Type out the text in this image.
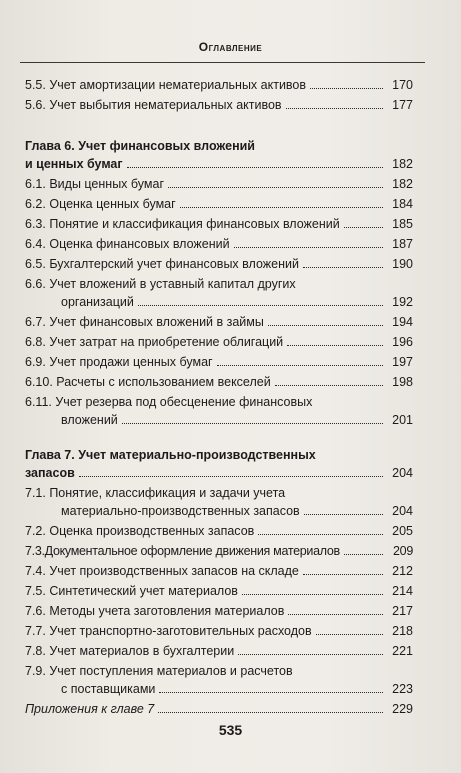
Оглавление
5.5. Учет амортизации нематериальных активов	170
5.6. Учет выбытия нематериальных активов	177
Глава 6. Учет финансовых вложений
и ценных бумаг	182
6.1. Виды ценных бумаг	182
6.2. Оценка ценных бумаг	184
6.3. Понятие и классификация финансовых вложений	185
6.4. Оценка финансовых вложений	187
6.5. Бухгалтерский учет финансовых вложений	190
6.6. Учет вложений в уставный капитал других
организаций	192
6.7. Учет финансовых вложений в займы	194
6.8. Учет затрат на приобретение облигаций	196
6.9. Учет продажи ценных бумаг	197
6.10. Расчеты с использованием векселей	198
6.11. Учет резерва под обесценение финансовых
вложений	201
Глава 7. Учет материально-производственных
запасов	204
7.1. Понятие, классификация и задачи учета
материально-производственных запасов	204
7.2. Оценка производственных запасов	205
7.3.Документальное оформление движения материалов	209
7.4. Учет производственных запасов на складе	212
7.5. Синтетический учет материалов	214
7.6. Методы учета заготовления материалов	217
7.7. Учет транспортно-заготовительных расходов	218
7.8. Учет материалов в бухгалтерии	221
7.9. Учет поступления материалов и расчетов
с поставщиками	223
Приложения к главе 7	229
535
